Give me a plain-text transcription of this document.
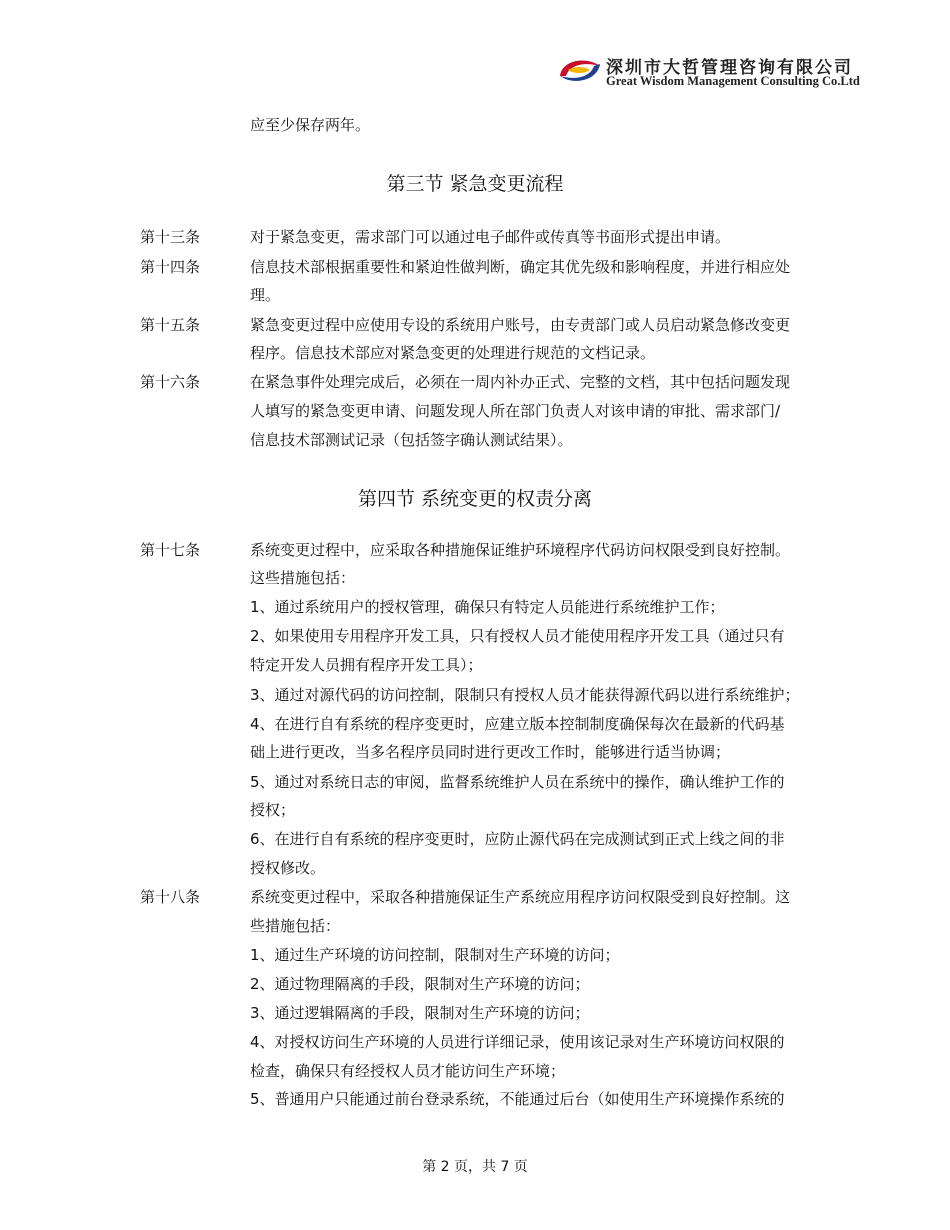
深圳市大哲管理咨询有限公司
Great Wisdom Management Consulting Co.Ltd
应至少保存两年。
第三节 紧急变更流程
第十三条	对于紧急变更，需求部门可以通过电子邮件或传真等书面形式提出申请。
第十四条	信息技术部根据重要性和紧迫性做判断，确定其优先级和影响程度，并进行相应处
理。
第十五条	紧急变更过程中应使用专设的系统用户账号，由专责部门或人员启动紧急修改变更
程序。信息技术部应对紧急变更的处理进行规范的文档记录。
第十六条	在紧急事件处理完成后，必须在一周内补办正式、完整的文档，其中包括问题发现
人填写的紧急变更申请、问题发现人所在部门负责人对该申请的审批、需求部门/
信息技术部测试记录（包括签字确认测试结果）。
第四节 系统变更的权责分离
第十七条	系统变更过程中，应采取各种措施保证维护环境程序代码访问权限受到良好控制。
这些措施包括：
1、通过系统用户的授权管理，确保只有特定人员能进行系统维护工作；
2、如果使用专用程序开发工具，只有授权人员才能使用程序开发工具（通过只有
特定开发人员拥有程序开发工具）；
3、通过对源代码的访问控制，限制只有授权人员才能获得源代码以进行系统维护；
4、在进行自有系统的程序变更时，应建立版本控制制度确保每次在最新的代码基
础上进行更改，当多名程序员同时进行更改工作时，能够进行适当协调；
5、通过对系统日志的审阅，监督系统维护人员在系统中的操作，确认维护工作的
授权；
6、在进行自有系统的程序变更时，应防止源代码在完成测试到正式上线之间的非
授权修改。
第十八条	系统变更过程中，采取各种措施保证生产系统应用程序访问权限受到良好控制。这
些措施包括：
1、通过生产环境的访问控制，限制对生产环境的访问；
2、通过物理隔离的手段，限制对生产环境的访问；
3、通过逻辑隔离的手段，限制对生产环境的访问；
4、对授权访问生产环境的人员进行详细记录，使用该记录对生产环境访问权限的
检查，确保只有经授权人员才能访问生产环境；
5、普通用户只能通过前台登录系统，不能通过后台（如使用生产环境操作系统的
第 2 页，共 7 页
